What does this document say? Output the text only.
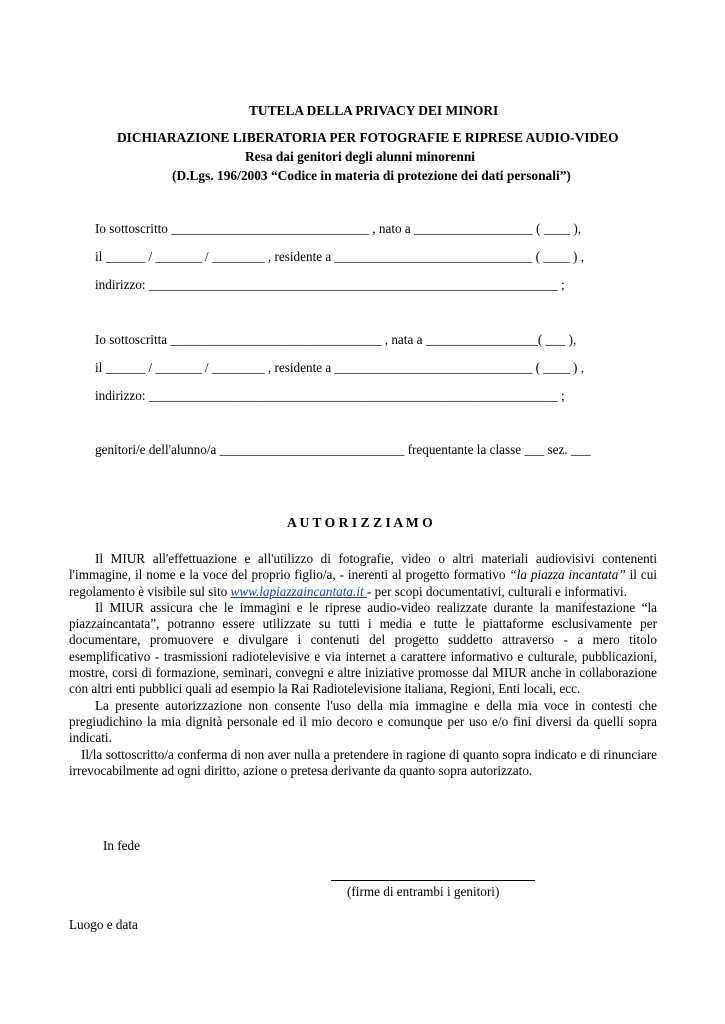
TUTELA DELLA PRIVACY DEI MINORI
DICHIARAZIONE LIBERATORIA PER FOTOGRAFIE E RIPRESE AUDIO-VIDEO
Resa dai genitori degli alunni minorenni
(D.Lgs. 196/2003 “Codice in materia di protezione dei dati personali”)
Io sottoscritto ______________________________ , nato a __________________ ( ____ ),
il ______ / _______ / ________ , residente a ______________________________ ( ____ ) ,
indirizzo: ______________________________________________________________ ;
Io sottoscritta ________________________________ , nata a _________________( ___ ),
il ______ / _______ / ________ , residente a ______________________________ ( ____ ) ,
indirizzo: ______________________________________________________________ ;
genitori/e dell'alunno/a ____________________________ frequentante la classe ___ sez. ___
A U T O R I Z Z I A M O

Il MIUR all'effettuazione e all'utilizzo di fotografie, video o altri materiali audiovisivi contenenti l'immagine, il nome e la voce del proprio figlio/a, - inerenti al progetto formativo “la piazza incantata” il cui regolamento è visibile sul sito www.lapiazzaincantata.it - per scopi documentativi, culturali e informativi.

Il MIUR assicura che le immagini e le riprese audio-video realizzate durante la manifestazione “la piazzaincantata”, potranno essere utilizzate su tutti i media e tutte le piattaforme esclusivamente per documentare, promuovere e divulgare i contenuti del progetto suddetto attraverso - a mero titolo esemplificativo - trasmissioni radiotelevisive e via internet a carattere informativo e culturale, pubblicazioni, mostre, corsi di formazione, seminari, convegni e altre iniziative promosse dal MIUR anche in collaborazione con altri enti pubblici quali ad esempio la Rai Radiotelevisione italiana, Regioni, Enti locali, ecc.

La presente autorizzazione non consente l'uso della mia immagine e della mia voce in contesti che pregiudichino la mia dignità personale ed il mio decoro e comunque per uso e/o fini diversi da quelli sopra indicati.

Il/la sottoscritto/a conferma di non aver nulla a pretendere in ragione di quanto sopra indicato e di rinunciare irrevocabilmente ad ogni diritto, azione o pretesa derivante da quanto sopra autorizzato.

In fede
(firme di entrambi i genitori)
Luogo e data
